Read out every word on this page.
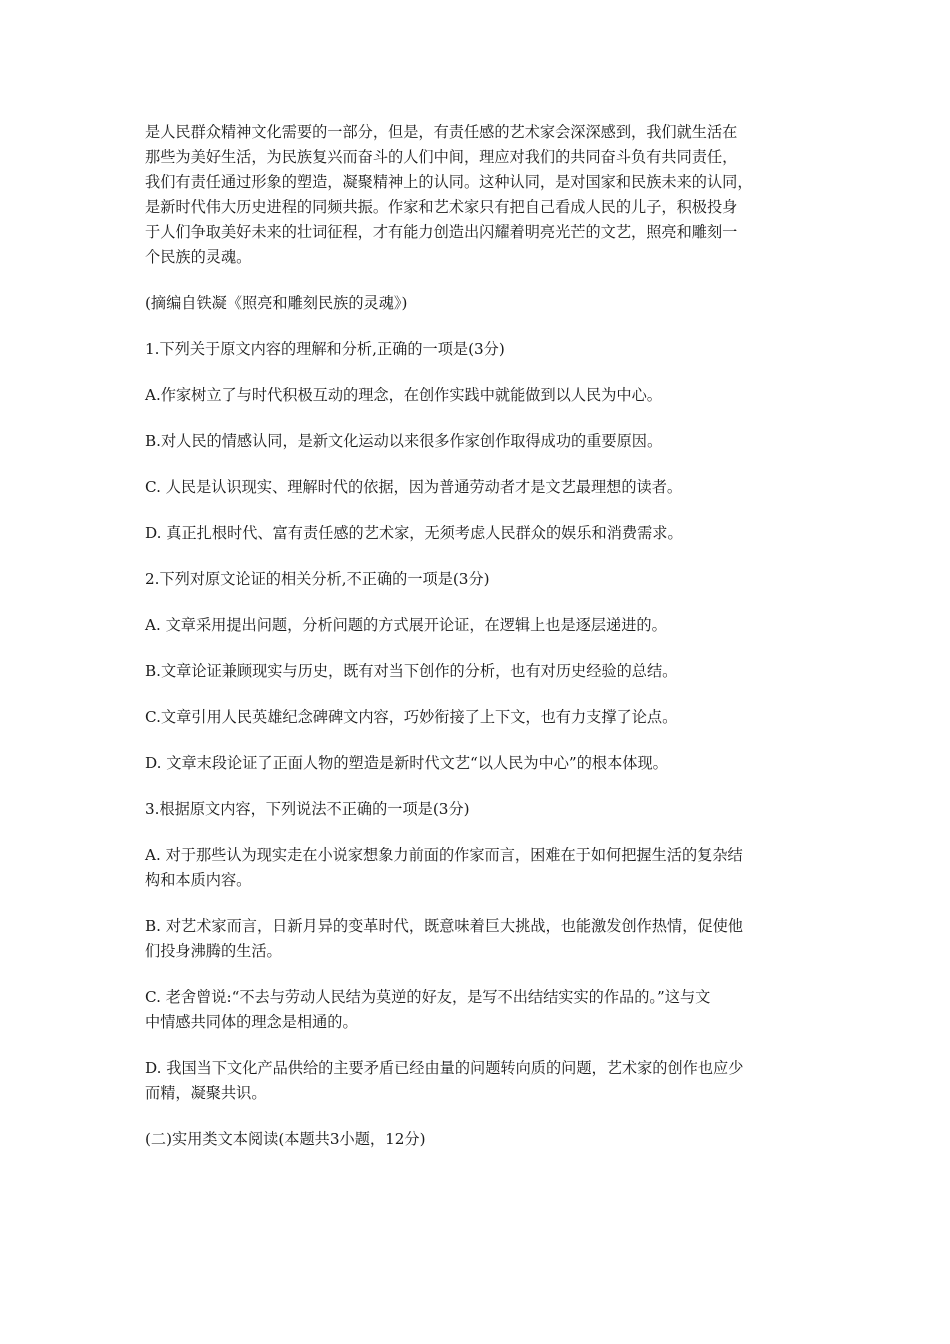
是人民群众精神文化需要的一部分，但是，有责任感的艺术家会深深感到，我们就生活在

那些为美好生活，为民族复兴而奋斗的人们中间，理应对我们的共同奋斗负有共同责任，

我们有责任通过形象的塑造，凝聚精神上的认同。这种认同，是对国家和民族未来的认同，

是新时代伟大历史进程的同频共振。作家和艺术家只有把自己看成人民的儿子，积极投身

于人们争取美好未来的壮词征程，才有能力创造出闪耀着明亮光芒的文艺，照亮和雕刻一

个民族的灵魂。

(摘编自铁凝《照亮和雕刻民族的灵魂》)

1.下列关于原文内容的理解和分析,正确的一项是(3分)

A.作家树立了与时代积极互动的理念，在创作实践中就能做到以人民为中心。

B.对人民的情感认同，是新文化运动以来很多作家创作取得成功的重要原因。

C. 人民是认识现实、理解时代的依据，因为普通劳动者才是文艺最理想的读者。

D. 真正扎根时代、富有责任感的艺术家，无须考虑人民群众的娱乐和消费需求。

2.下列对原文论证的相关分析,不正确的一项是(3分)

A. 文章采用提出问题，分析问题的方式展开论证，在逻辑上也是逐层递进的。

B.文章论证兼顾现实与历史，既有对当下创作的分析，也有对历史经验的总结。

C.文章引用人民英雄纪念碑碑文内容，巧妙衔接了上下文，也有力支撑了论点。

D. 文章末段论证了正面人物的塑造是新时代文艺“以人民为中心”的根本体现。

3.根据原文内容，下列说法不正确的一项是(3分)

A. 对于那些认为现实走在小说家想象力前面的作家而言，困难在于如何把握生活的复杂结

构和本质内容。

B. 对艺术家而言，日新月异的变革时代，既意味着巨大挑战，也能激发创作热情，促使他

们投身沸腾的生活。

C. 老舍曾说:“不去与劳动人民结为莫逆的好友，是写不出结结实实的作品的。”这与文

中情感共同体的理念是相通的。

D. 我国当下文化产品供给的主要矛盾已经由量的问题转向质的问题，艺术家的创作也应少

而精，凝聚共识。

(二)实用类文本阅读(本题共3小题，12分)
